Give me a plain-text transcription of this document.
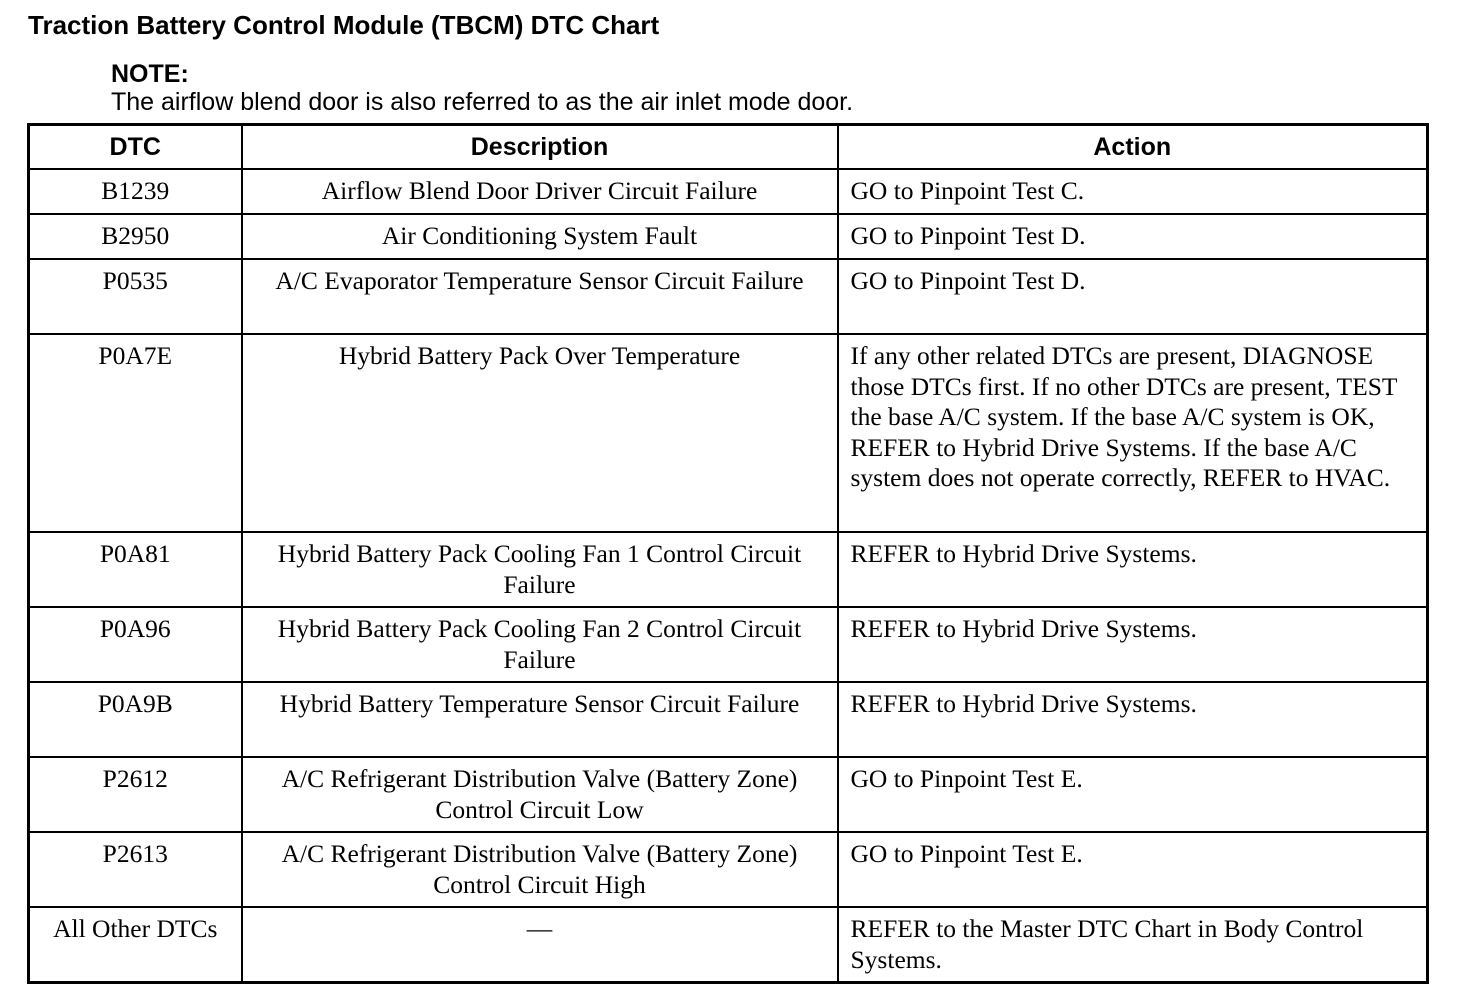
Traction Battery Control Module (TBCM) DTC Chart
NOTE:
The airflow blend door is also referred to as the air inlet mode door.
DTC	Description	Action
B1239	Airflow Blend Door Driver Circuit Failure	GO to Pinpoint Test C.
B2950	Air Conditioning System Fault	GO to Pinpoint Test D.
P0535	A/C Evaporator Temperature Sensor Circuit Failure	GO to Pinpoint Test D.
P0A7E	Hybrid Battery Pack Over Temperature	If any other related DTCs are present, DIAGNOSE those DTCs first. If no other DTCs are present, TEST the base A/C system. If the base A/C system is OK, REFER to Hybrid Drive Systems. If the base A/C system does not operate correctly, REFER to HVAC.
P0A81	Hybrid Battery Pack Cooling Fan 1 Control Circuit Failure	REFER to Hybrid Drive Systems.
P0A96	Hybrid Battery Pack Cooling Fan 2 Control Circuit Failure	REFER to Hybrid Drive Systems.
P0A9B	Hybrid Battery Temperature Sensor Circuit Failure	REFER to Hybrid Drive Systems.
P2612	A/C Refrigerant Distribution Valve (Battery Zone) Control Circuit Low	GO to Pinpoint Test E.
P2613	A/C Refrigerant Distribution Valve (Battery Zone) Control Circuit High	GO to Pinpoint Test E.
All Other DTCs	—	REFER to the Master DTC Chart in Body Control Systems.
